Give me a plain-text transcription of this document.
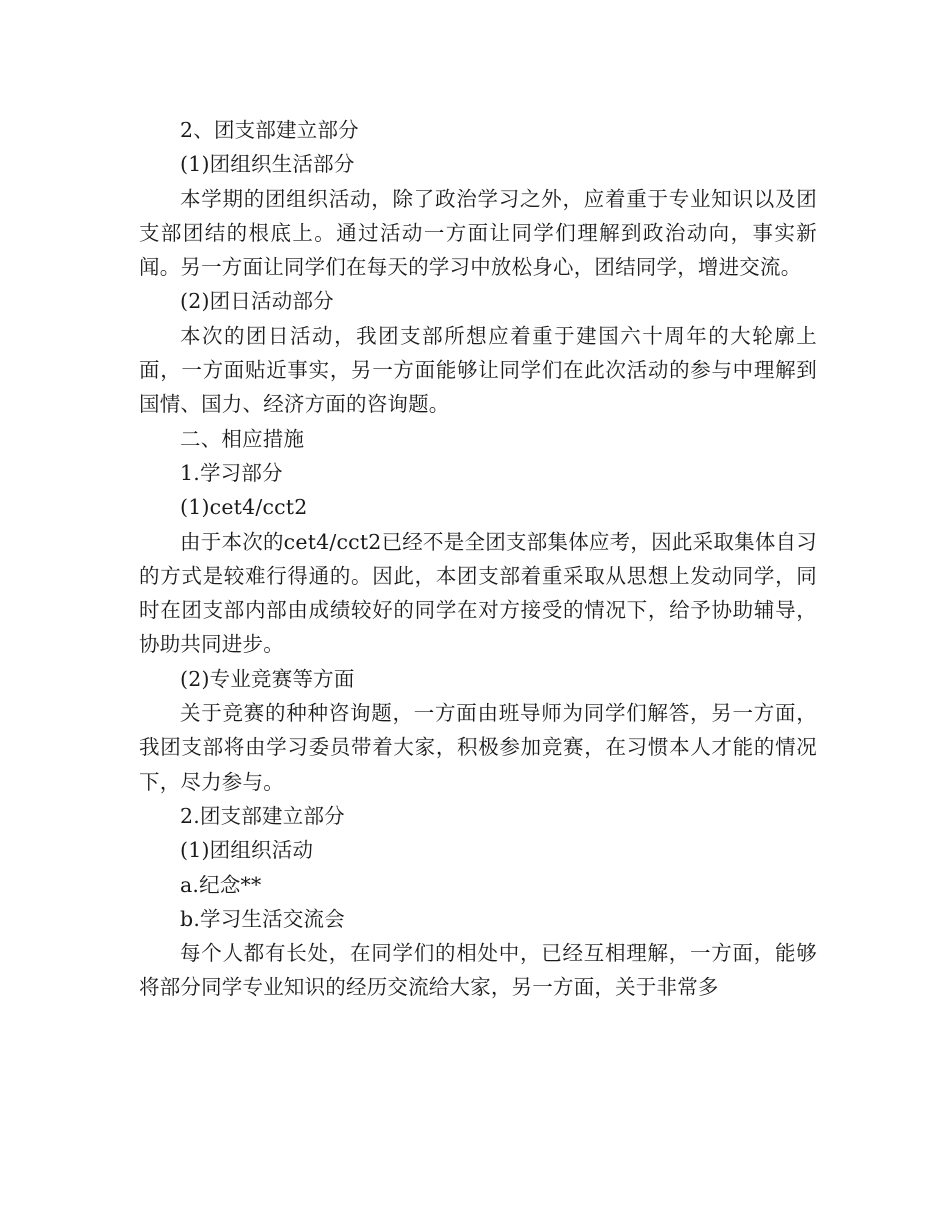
2、团支部建立部分

(1)团组织生活部分

本学期的团组织活动，除了政治学习之外，应着重于专业知识以及团支部团结的根底上。通过活动一方面让同学们理解到政治动向，事实新闻。另一方面让同学们在每天的学习中放松身心，团结同学，增进交流。

(2)团日活动部分

本次的团日活动，我团支部所想应着重于建国六十周年的大轮廓上面，一方面贴近事实，另一方面能够让同学们在此次活动的参与中理解到国情、国力、经济方面的咨询题。

二、相应措施

1.学习部分

(1)cet4/cct2

由于本次的cet4/cct2已经不是全团支部集体应考，因此采取集体自习的方式是较难行得通的。因此，本团支部着重采取从思想上发动同学，同时在团支部内部由成绩较好的同学在对方接受的情况下，给予协助辅导，协助共同进步。

(2)专业竞赛等方面

关于竞赛的种种咨询题，一方面由班导师为同学们解答，另一方面，我团支部将由学习委员带着大家，积极参加竞赛，在习惯本人才能的情况下，尽力参与。

2.团支部建立部分

(1)团组织活动

a.纪念**

b.学习生活交流会

每个人都有长处，在同学们的相处中，已经互相理解，一方面，能够将部分同学专业知识的经历交流给大家，另一方面，关于非常多
